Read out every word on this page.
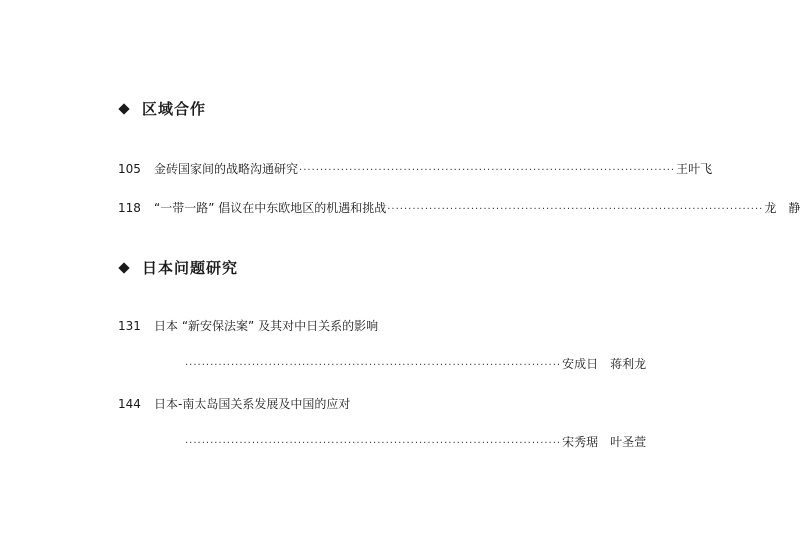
区域合作
105	金砖国家间的战略沟通研究 ·························································································· 王叶飞
118	“一带一路” 倡议在中东欧地区的机遇和挑战 ·························································································· 龙　静
日本问题研究
131	日本 “新安保法案” 及其对中日关系的影响
·························································································· 安成日　蒋利龙
144	日本-南太岛国关系发展及中国的应对
·························································································· 宋秀琚　叶圣萱
